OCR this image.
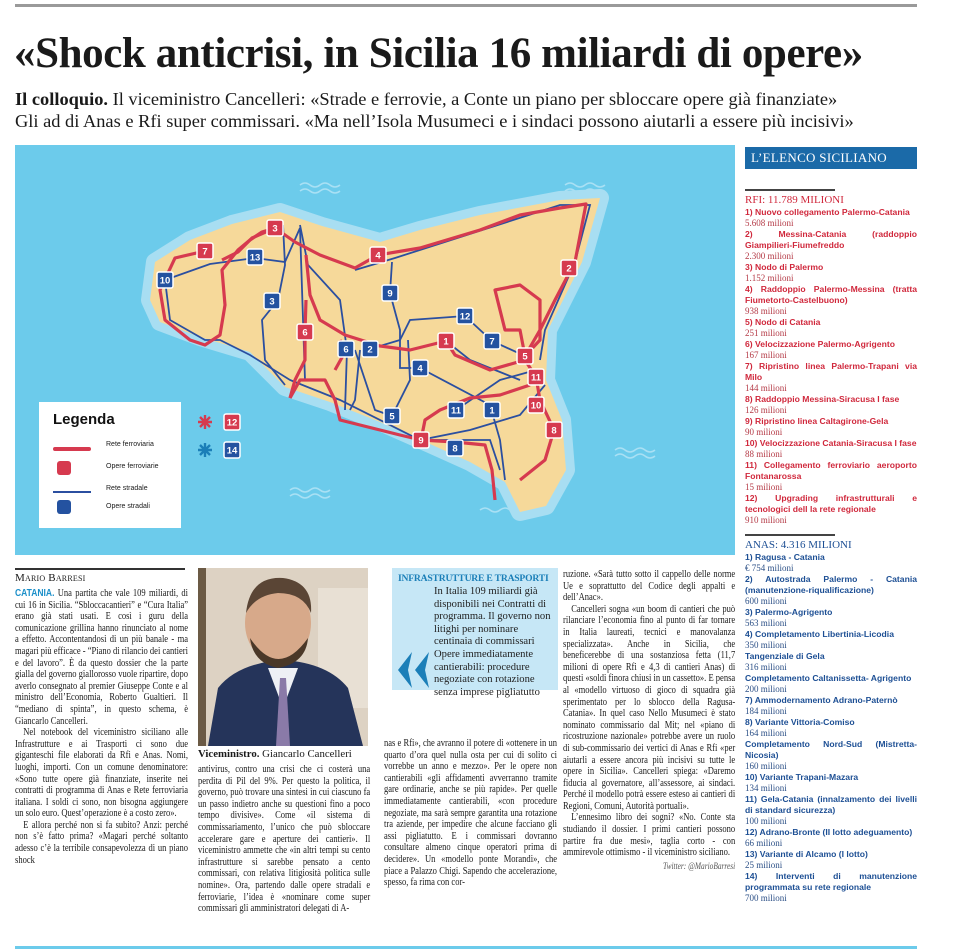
«Shock anticrisi, in Sicilia 16 miliardi di opere»
Il colloquio. Il viceministro Cancelleri: «Strade e ferrovie, a Conte un piano per sbloccare opere già finanziate»
Gli ad di Anas e Rfi super commissari. «Ma nell’Isola Musumeci e i sindaci possono aiutarli a essere più incisivi»
1
2
3
4
5
6
7
8
9
10
11
1
2
3
4
5
6
7
8
9
10
11
12
13
12
14
Legenda
Rete ferroviaria
Opere ferroviarie
Rete stradale
Opere stradali
L’ELENCO SICILIANO
RFI: 11.789 MILIONI
1) Nuovo collegamento Palermo-Catania
5.608 milioni
2) Messina-Catania (raddoppio Giampilieri-Fiumefreddo
2.300 milioni
3) Nodo di Palermo
1.152 milioni
4) Raddoppio Palermo-Messina (tratta Fiumetorto-Castelbuono)
938 milioni
5) Nodo di Catania
251 milioni
6) Velocizzazione Palermo-Agrigento
167 milioni
7) Ripristino linea Palermo-Trapani via Milo
144 milioni
8) Raddoppio Messina-Siracusa I fase
126 milioni
9) Ripristino linea Caltagirone-Gela
90 milioni
10) Velocizzazione Catania-Siracusa I fase
88 milioni
11) Collegamento ferroviario aeroporto Fontanarossa
15 milioni
12) Upgrading infrastrutturali e tecnologici dell la rete regionale
910 milioni
ANAS: 4.316 MILIONI
1) Ragusa - Catania
€ 754 milioni
2) Autostrada Palermo - Catania (manutenzione-riqualificazione)
600 milioni
3) Palermo-Agrigento
563 milioni
4) Completamento Libertinia-Licodia
350 milioni
Tangenziale di Gela
316 milioni
Completamento Caltanissetta- Agrigento
200 milioni
7) Ammodernamento Adrano-Paternò
184 milioni
8) Variante Vittoria-Comiso
164 milioni
Completamento Nord-Sud (Mistretta-Nicosia)
160 milioni
10) Variante Trapani-Mazara
134 milioni
11) Gela-Catania (innalzamento dei livelli di standard sicurezza)
100 milioni
12) Adrano-Bronte (II lotto adeguamento)
66 milioni
13) Variante di Alcamo (I lotto)
25 milioni
14) Interventi di manutenzione programmata su rete regionale
700 milioni
Mario Barresi

CATANIA. Una partita che vale 109 miliardi, di cui 16 in Sicilia. “Sbloccacantieri” e “Cura Italia” erano già stati usati. E così i guru della comunicazione grillina hanno rinunciato al nome a effetto. Accontentandosi di un più banale - ma magari più efficace - “Piano di rilancio dei cantieri e del lavoro”. È da questo dossier che la parte gialla del governo giallorosso vuole ripartire, dopo averlo consegnato al premier Giuseppe Conte e al ministro dell’Economia, Roberto Gualtieri. Il “mediano di spinta”, in questo schema, è Giancarlo Cancelleri.

Nel notebook del viceministro siciliano alle Infrastrutture e ai Trasporti ci sono due giganteschi file elaborati da Rfi e Anas. Nomi, luoghi, importi. Con un comune denominatore: «Sono tutte opere già finanziate, inserite nei contratti di programma di Anas e Rete ferroviaria italiana. I soldi ci sono, non bisogna aggiungere un solo euro. Quest’operazione è a costo zero».

E allora perché non si fa subito? Anzi: perché non s’è fatto prima? «Magari perché soltanto adesso c’è la terribile consapevolezza di un piano shock

Viceministro. Giancarlo Cancelleri

antivirus, contro una crisi che ci costerà una perdita di Pil del 9%. Per questo la politica, il governo, può trovare una sintesi in cui ciascuno fa un passo indietro anche su questioni fino a poco tempo divisive». Come «il sistema di commissariamento, l’unico che può sbloccare accelerare gare e aperture dei cantieri». Il viceministro ammette che «in altri tempi su cento infrastrutture si sarebbe pensato a cento commissari, con relativa litigiosità politica sulle nomine». Ora, partendo dalle opere stradali e ferroviarie, l’idea è «nominare come super commissari gli amministratori delegati di A-

INFRASTRUTTURE E TRASPORTI
In Italia 109 miliardi già disponibili nei Contratti di programma. Il governo non litighi per nominare centinaia di commissari Opere immediatamente cantierabili: procedure negoziate con rotazione senza imprese pigliatutto

nas e Rfi», che avranno il potere di «ottenere in un quarto d’ora quel nulla osta per cui di solito ci vorrebbe un anno e mezzo». Per le opere non cantierabili «gli affidamenti avverranno tramite gare ordinarie, anche se più rapide». Per quelle immediatamente cantierabili, «con procedure negoziate, ma sarà sempre garantita una rotazione tra aziende, per impedire che alcune facciano gli assi pigliatutto. E i commissari dovranno consultare almeno cinque operatori prima di decidere». Un «modello ponte Morandi», che piace a Palazzo Chigi. Sapendo che accelerazione, spesso, fa rima con cor-

ruzione. «Sarà tutto sotto il cappello delle norme Ue e soprattutto del Codice degli appalti e dell’Anac».

Cancelleri sogna «un boom di cantieri che può rilanciare l’economia fino al punto di far tornare in Italia laureati, tecnici e manovalanza specializzata». Anche in Sicilia, che beneficerebbe di una sostanziosa fetta (11,7 milioni di opere Rfi e 4,3 di cantieri Anas) di questi «soldi finora chiusi in un cassetto». E pensa al «modello virtuoso di gioco di squadra già sperimentato per lo sblocco della Ragusa-Catania». In quel caso Nello Musumeci è stato nominato commissario dal Mit; nel «piano di ricostruzione nazionale» potrebbe avere un ruolo di sub-commissario dei vertici di Anas e Rfi «per aiutarli a essere ancora più incisivi su tutte le opere in Sicilia». Cancelleri spiega: «Daremo fiducia al governatore, all’assessore, ai sindaci. Perché il modello potrà essere esteso ai cantieri di Regioni, Comuni, Autorità portuali».

L’ennesimo libro dei sogni? «No. Conte sta studiando il dossier. I primi cantieri possono partire fra due mesi», taglia corto - con ammirevole ottimismo - il viceministro siciliano.

Twitter: @MarioBarresi
